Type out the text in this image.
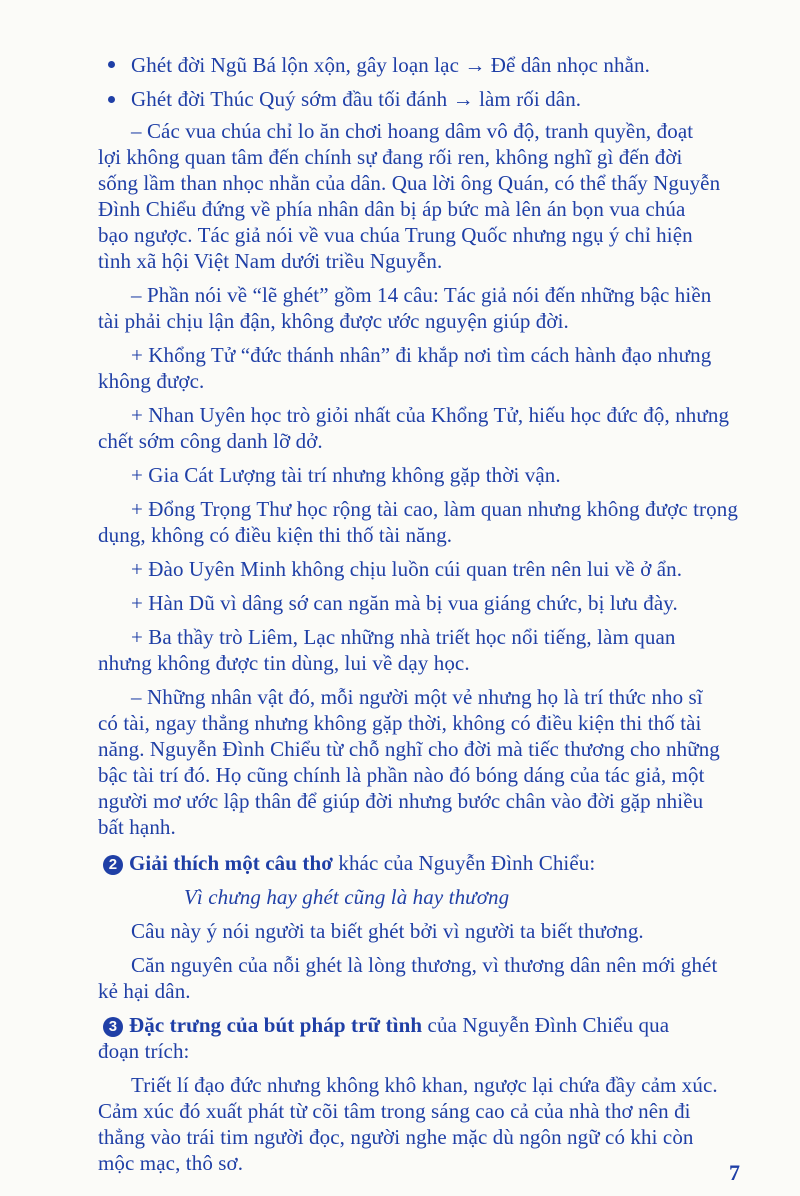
Ghét đời Ngũ Bá lộn xộn, gây loạn lạc → Để dân nhọc nhằn.
Ghét đời Thúc Quý sớm đầu tối đánh → làm rối dân.
– Các vua chúa chỉ lo ăn chơi hoang dâm vô độ, tranh quyền, đoạt
lợi không quan tâm đến chính sự đang rối ren, không nghĩ gì đến đời
sống lầm than nhọc nhằn của dân. Qua lời ông Quán, có thể thấy Nguyễn
Đình Chiểu đứng về phía nhân dân bị áp bức mà lên án bọn vua chúa
bạo ngược. Tác giả nói về vua chúa Trung Quốc nhưng ngụ ý chỉ hiện
tình xã hội Việt Nam dưới triều Nguyễn.
– Phần nói về “lẽ ghét” gồm 14 câu: Tác giả nói đến những bậc hiền
tài phải chịu lận đận, không được ước nguyện giúp đời.
+ Khổng Tử “đức thánh nhân” đi khắp nơi tìm cách hành đạo nhưng
không được.
+ Nhan Uyên học trò giỏi nhất của Khổng Tử, hiếu học đức độ, nhưng
chết sớm công danh lỡ dở.
+ Gia Cát Lượng tài trí nhưng không gặp thời vận.
+ Đổng Trọng Thư học rộng tài cao, làm quan nhưng không được trọng
dụng, không có điều kiện thi thố tài năng.
+ Đào Uyên Minh không chịu luồn cúi quan trên nên lui về ở ẩn.
+ Hàn Dũ vì dâng sớ can ngăn mà bị vua giáng chức, bị lưu đày.
+ Ba thầy trò Liêm, Lạc những nhà triết học nổi tiếng, làm quan
nhưng không được tin dùng, lui về dạy học.
– Những nhân vật đó, mỗi người một vẻ nhưng họ là trí thức nho sĩ
có tài, ngay thẳng nhưng không gặp thời, không có điều kiện thi thố tài
năng. Nguyễn Đình Chiểu từ chỗ nghĩ cho đời mà tiếc thương cho những
bậc tài trí đó. Họ cũng chính là phần nào đó bóng dáng của tác giả, một
người mơ ước lập thân để giúp đời nhưng bước chân vào đời gặp nhiều
bất hạnh.
2 Giải thích một câu thơ khác của Nguyễn Đình Chiểu:
Vì chưng hay ghét cũng là hay thương
Câu này ý nói người ta biết ghét bởi vì người ta biết thương.
Căn nguyên của nỗi ghét là lòng thương, vì thương dân nên mới ghét
kẻ hại dân.
3 Đặc trưng của bút pháp trữ tình của Nguyễn Đình Chiểu qua
đoạn trích:
Triết lí đạo đức nhưng không khô khan, ngược lại chứa đầy cảm xúc.
Cảm xúc đó xuất phát từ cõi tâm trong sáng cao cả của nhà thơ nên đi
thẳng vào trái tim người đọc, người nghe mặc dù ngôn ngữ có khi còn
mộc mạc, thô sơ.	7
